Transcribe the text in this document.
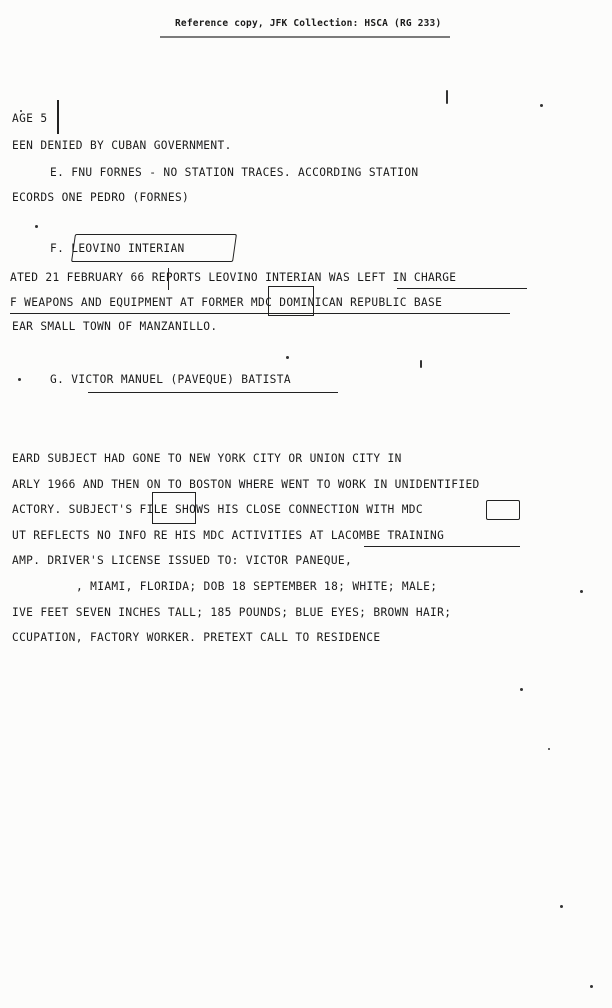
Reference copy, JFK Collection: HSCA (RG 233)
AGE 5
EEN DENIED BY CUBAN GOVERNMENT.
E. FNU FORNES - NO STATION TRACES. ACCORDING STATION
ECORDS ONE PEDRO (FORNES)
F. LEOVINO INTERIAN
ATED 21 FEBRUARY 66 REPORTS LEOVINO INTERIAN WAS LEFT IN CHARGE
F WEAPONS AND EQUIPMENT AT FORMER MDC DOMINICAN REPUBLIC BASE
EAR SMALL TOWN OF MANZANILLO.
G. VICTOR MANUEL (PAVEQUE) BATISTA
EARD SUBJECT HAD GONE TO NEW YORK CITY OR UNION CITY IN
ARLY 1966 AND THEN ON TO BOSTON WHERE WENT TO WORK IN UNIDENTIFIED
ACTORY. SUBJECT'S FILE SHOWS HIS CLOSE CONNECTION WITH MDC
UT REFLECTS NO INFO RE HIS MDC ACTIVITIES AT LACOMBE TRAINING
AMP. DRIVER'S LICENSE ISSUED TO: VICTOR PANEQUE,
, MIAMI, FLORIDA; DOB 18 SEPTEMBER 18; WHITE; MALE;
IVE FEET SEVEN INCHES TALL; 185 POUNDS; BLUE EYES; BROWN HAIR;
CCUPATION, FACTORY WORKER. PRETEXT CALL TO RESIDENCE
